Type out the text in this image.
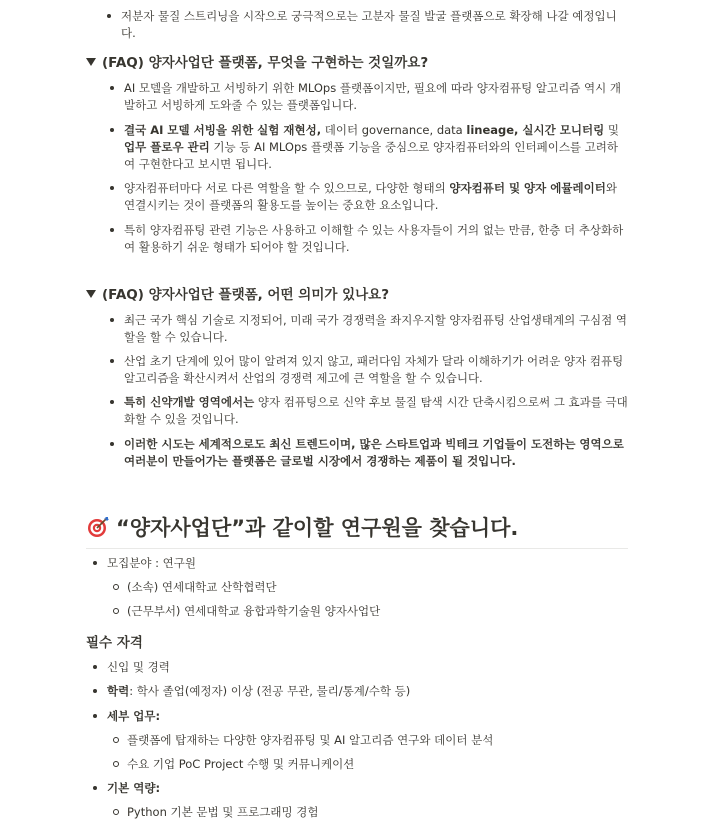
저분자 물질 스트리닝을 시작으로 궁극적으로는 고분자 물질 발굴 플랫폼으로 확장해 나갈 예정입니다.
(FAQ) 양자사업단 플랫폼, 무엇을 구현하는 것일까요?
AI 모델을 개발하고 서빙하기 위한 MLOps 플랫폼이지만, 필요에 따라 양자컴퓨팅 알고리즘 역시 개발하고 서빙하게 도와줄 수 있는 플랫폼입니다.
결국 AI 모델 서빙을 위한 실험 재현성, 데이터 governance, data lineage, 실시간 모니터링 및 업무 플로우 관리 기능 등 AI MLOps 플랫폼 기능을 중심으로 양자컴퓨터와의 인터페이스를 고려하여 구현한다고 보시면 됩니다.
양자컴퓨터마다 서로 다른 역할을 할 수 있으므로, 다양한 형태의 양자컴퓨터 및 양자 에뮬레이터와 연결시키는 것이 플랫폼의 활용도를 높이는 중요한 요소입니다.
특히 양자컴퓨팅 관련 기능은 사용하고 이해할 수 있는 사용자들이 거의 없는 만큼, 한층 더 추상화하여 활용하기 쉬운 형태가 되어야 할 것입니다.
(FAQ) 양자사업단 플랫폼, 어떤 의미가 있나요?
최근 국가 핵심 기술로 지정되어, 미래 국가 경쟁력을 좌지우지할 양자컴퓨팅 산업생태계의 구심점 역할을 할 수 있습니다.
산업 초기 단계에 있어 많이 알려져 있지 않고, 패러다임 자체가 달라 이해하기가 어려운 양자 컴퓨팅 알고리즘을 확산시켜서 산업의 경쟁력 제고에 큰 역할을 할 수 있습니다.
특히 신약개발 영역에서는 양자 컴퓨팅으로 신약 후보 물질 탐색 시간 단축시킴으로써 그 효과를 극대화할 수 있을 것입니다.
이러한 시도는 세계적으로도 최신 트렌드이며, 많은 스타트업과 빅테크 기업들이 도전하는 영역으로 여러분이 만들어가는 플랫폼은 글로벌 시장에서 경쟁하는 제품이 될 것입니다.
“양자사업단”과 같이할 연구원을 찾습니다.
모집분야 : 연구원
(소속) 연세대학교 산학협력단
(근무부서) 연세대학교 융합과학기술원 양자사업단
필수 자격
신입 및 경력
학력: 학사 졸업(예정자) 이상 (전공 무관, 물리/통계/수학 등)
세부 업무:
플랫폼에 탑재하는 다양한 양자컴퓨팅 및 AI 알고리즘 연구와 데이터 분석
수요 기업 PoC Project 수행 및 커뮤니케이션
기본 역량:
Python 기본 문법 및 프로그래밍 경험
